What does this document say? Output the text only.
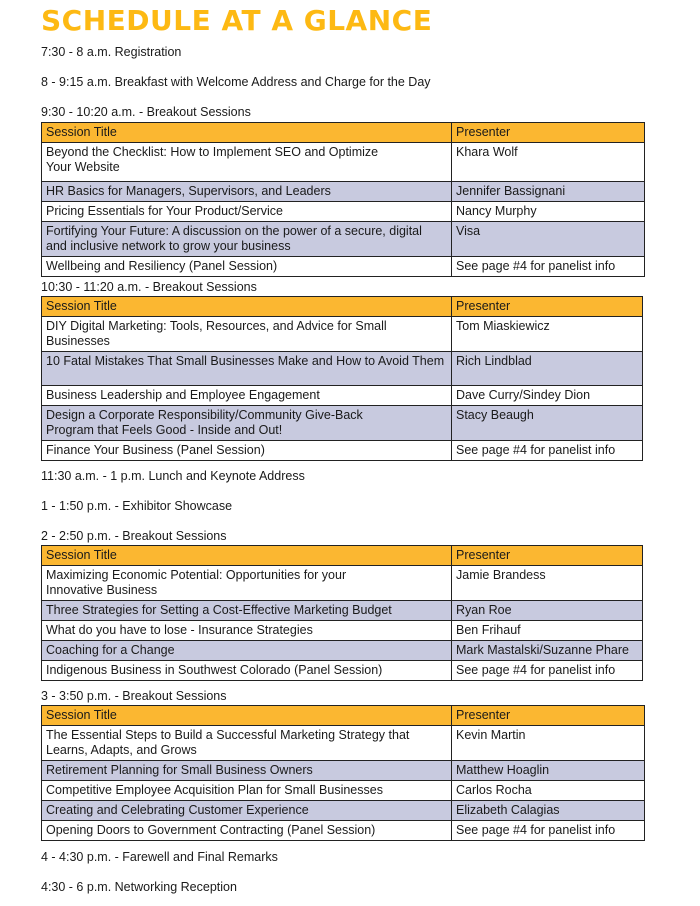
SCHEDULE AT A GLANCE
7:30 - 8 a.m. Registration
8 - 9:15 a.m. Breakfast with Welcome Address and Charge for the Day
9:30 - 10:20 a.m. - Breakout Sessions
Session Title	Presenter
Beyond the Checklist: How to Implement SEO and Optimize
Your Website	Khara Wolf
HR Basics for Managers, Supervisors, and Leaders	Jennifer Bassignani
Pricing Essentials for Your Product/Service	Nancy Murphy
Fortifying Your Future: A discussion on the power of a secure, digital
and inclusive network to grow your business	Visa
Wellbeing and Resiliency (Panel Session)	See page #4 for panelist info
10:30 - 11:20 a.m. - Breakout Sessions
Session Title	Presenter
DIY Digital Marketing: Tools, Resources, and Advice for Small
Businesses	Tom Miaskiewicz
10 Fatal Mistakes That Small Businesses Make and How to Avoid Them	Rich Lindblad
Business Leadership and Employee Engagement	Dave Curry/Sindey Dion
Design a Corporate Responsibility/Community Give-Back
Program that Feels Good - Inside and Out!	Stacy Beaugh
Finance Your Business (Panel Session)	See page #4 for panelist info
11:30 a.m. - 1 p.m. Lunch and Keynote Address
1 - 1:50 p.m. - Exhibitor Showcase
2 - 2:50 p.m. - Breakout Sessions
Session Title	Presenter
Maximizing Economic Potential: Opportunities for your
Innovative Business	Jamie Brandess
Three Strategies for Setting a Cost-Effective Marketing Budget	Ryan Roe
What do you have to lose - Insurance Strategies	Ben Frihauf
Coaching for a Change	Mark Mastalski/Suzanne Phare
Indigenous Business in Southwest Colorado (Panel Session)	See page #4 for panelist info
3 - 3:50 p.m. - Breakout Sessions
Session Title	Presenter
The Essential Steps to Build a Successful Marketing Strategy that
Learns, Adapts, and Grows	Kevin Martin
Retirement Planning for Small Business Owners	Matthew Hoaglin
Competitive Employee Acquisition Plan for Small Businesses	Carlos Rocha
Creating and Celebrating Customer Experience	Elizabeth Calagias
Opening Doors to Government Contracting (Panel Session)	See page #4 for panelist info
4 - 4:30 p.m. - Farewell and Final Remarks
4:30 - 6 p.m. Networking Reception
